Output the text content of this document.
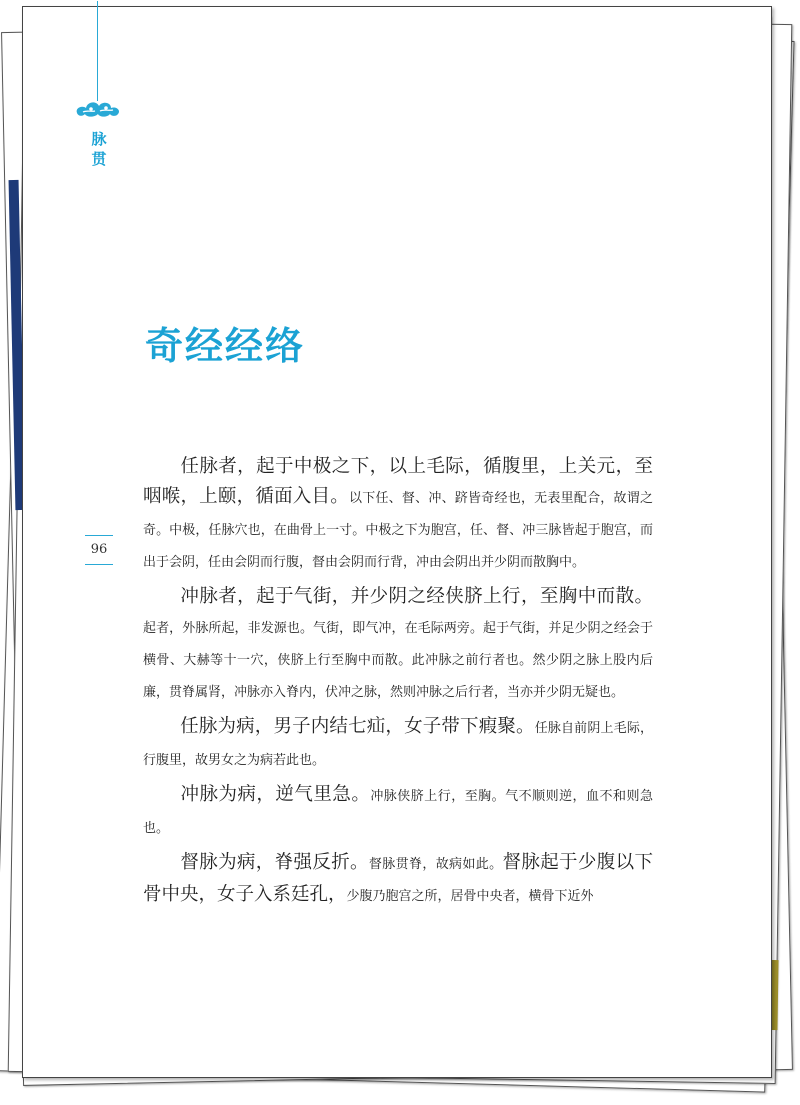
脉贯
96
奇经经络

任脉者，起于中极之下，以上毛际，循腹里，上关元，至咽喉，上颐，循面入目。以下任、督、冲、跻皆奇经也，无表里配合，故谓之奇。中极，任脉穴也，在曲骨上一寸。中极之下为胞宫，任、督、冲三脉皆起于胞宫，而出于会阴，任由会阴而行腹，督由会阴而行背，冲由会阴出并少阴而散胸中。

冲脉者，起于气街，并少阴之经侠脐上行，至胸中而散。起者，外脉所起，非发源也。气街，即气冲，在毛际两旁。起于气街，并足少阴之经会于横骨、大赫等十一穴，侠脐上行至胸中而散。此冲脉之前行者也。然少阴之脉上股内后廉，贯脊属肾，冲脉亦入脊内，伏冲之脉，然则冲脉之后行者，当亦并少阴无疑也。

任脉为病，男子内结七疝，女子带下瘕聚。任脉自前阴上毛际，行腹里，故男女之为病若此也。

冲脉为病，逆气里急。冲脉侠脐上行，至胸。气不顺则逆，血不和则急也。

督脉为病，脊强反折。督脉贯脊，故病如此。督脉起于少腹以下骨中央，女子入系廷孔，少腹乃胞宫之所，居骨中央者，横骨下近外
